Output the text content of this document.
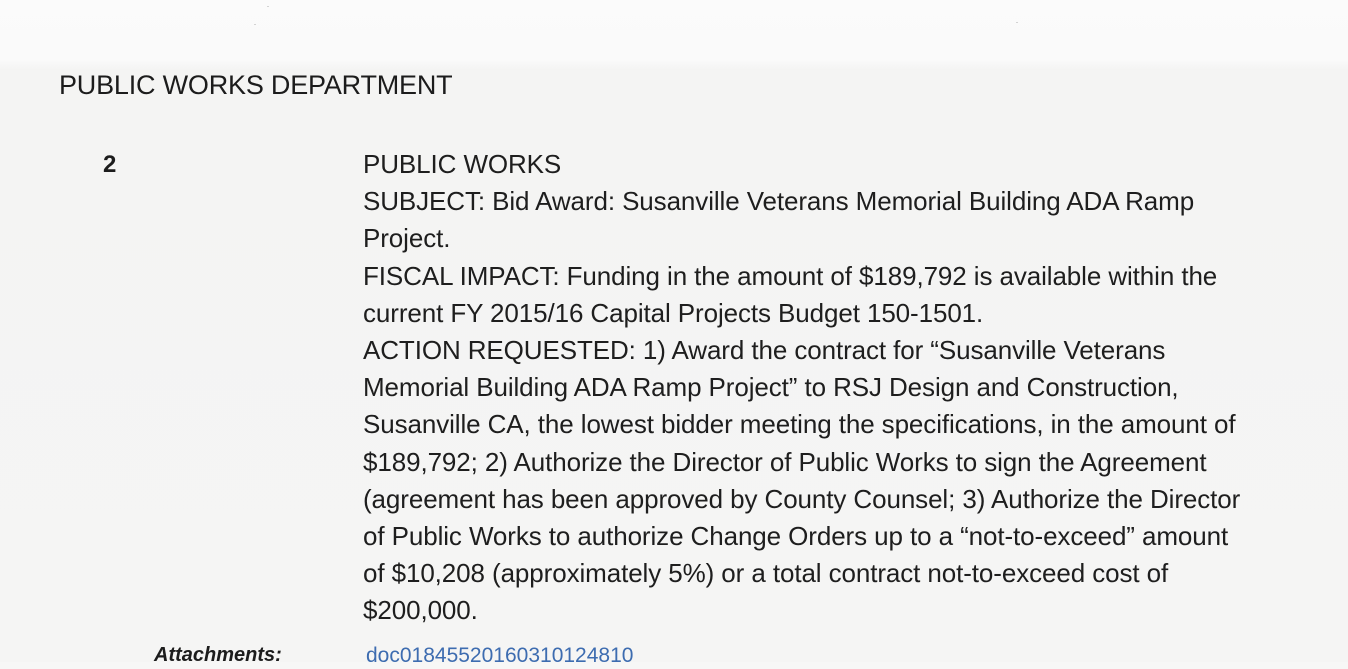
PUBLIC WORKS DEPARTMENT
2	PUBLIC WORKS
SUBJECT: Bid Award: Susanville Veterans Memorial Building ADA Ramp
Project.
FISCAL IMPACT: Funding in the amount of $189,792 is available within the
current FY 2015/16 Capital Projects Budget 150-1501.
ACTION REQUESTED: 1) Award the contract for “Susanville Veterans
Memorial Building ADA Ramp Project” to RSJ Design and Construction,
Susanville CA, the lowest bidder meeting the specifications, in the amount of
$189,792; 2) Authorize the Director of Public Works to sign the Agreement
(agreement has been approved by County Counsel; 3) Authorize the Director
of Public Works to authorize Change Orders up to a “not-to-exceed” amount
of $10,208 (approximately 5%) or a total contract not-to-exceed cost of
$200,000.
Attachments:	doc01845520160310124810
